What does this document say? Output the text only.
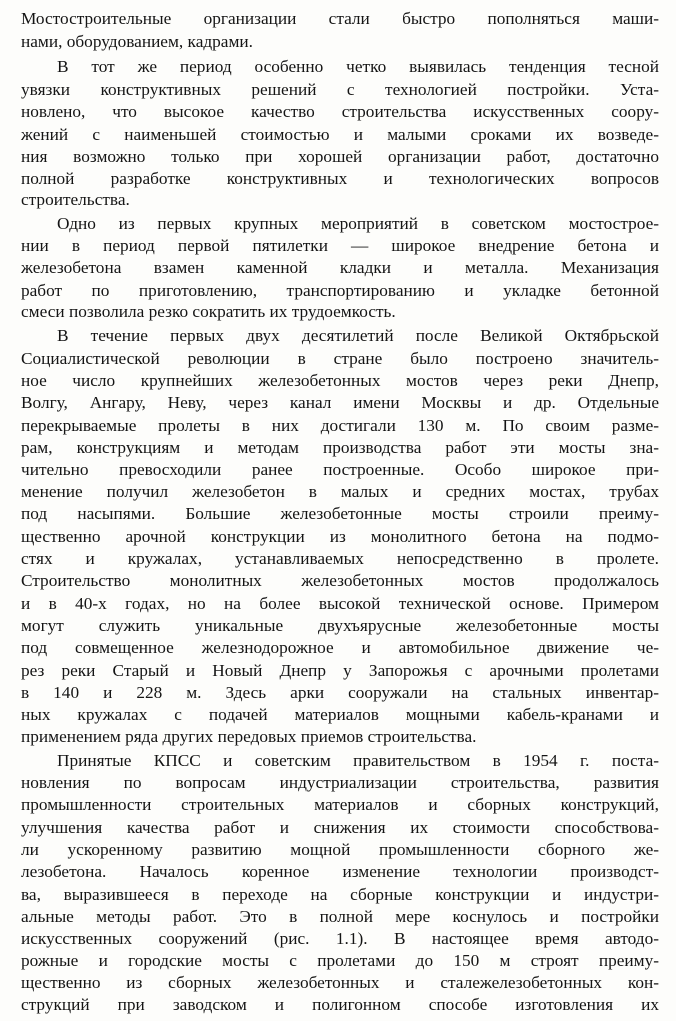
Мостостроительные организации стали быстро пополняться маши-

нами, оборудованием, кадрами.

В тот же период особенно четко выявилась тенденция тесной

увязки конструктивных решений с технологией постройки. Уста-

новлено, что высокое качество строительства искусственных соору-

жений с наименьшей стоимостью и малыми сроками их возведе-

ния возможно только при хорошей организации работ, достаточно

полной разработке конструктивных и технологических вопросов

строительства.

Одно из первых крупных мероприятий в советском мостострое-

нии в период первой пятилетки — широкое внедрение бетона и

железобетона взамен каменной кладки и металла. Механизация

работ по приготовлению, транспортированию и укладке бетонной

смеси позволила резко сократить их трудоемкость.

В течение первых двух десятилетий после Великой Октябрьской

Социалистической революции в стране было построено значитель-

ное число крупнейших железобетонных мостов через реки Днепр,

Волгу, Ангару, Неву, через канал имени Москвы и др. Отдельные

перекрываемые пролеты в них достигали 130 м. По своим разме-

рам, конструкциям и методам производства работ эти мосты зна-

чительно превосходили ранее построенные. Особо широкое при-

менение получил железобетон в малых и средних мостах, трубах

под насыпями. Большие железобетонные мосты строили преиму-

щественно арочной конструкции из монолитного бетона на подмо-

стях и кружалах, устанавливаемых непосредственно в пролете.

Строительство монолитных железобетонных мостов продолжалось

и в 40-х годах, но на более высокой технической основе. Примером

могут служить уникальные двухъярусные железобетонные мосты

под совмещенное железнодорожное и автомобильное движение че-

рез реки Старый и Новый Днепр у Запорожья с арочными пролетами

в 140 и 228 м. Здесь арки сооружали на стальных инвентар-

ных кружалах с подачей материалов мощными кабель-кранами и

применением ряда других передовых приемов строительства.

Принятые КПСС и советским правительством в 1954 г. поста-

новления по вопросам индустриализации строительства, развития

промышленности строительных материалов и сборных конструкций,

улучшения качества работ и снижения их стоимости способствова-

ли ускоренному развитию мощной промышленности сборного же-

лезобетона. Началось коренное изменение технологии производст-

ва, выразившееся в переходе на сборные конструкции и индустри-

альные методы работ. Это в полной мере коснулось и постройки

искусственных сооружений (рис. 1.1). В настоящее время автодо-

рожные и городские мосты с пролетами до 150 м строят преиму-

щественно из сборных железобетонных и сталежелезобетонных кон-

струкций при заводском и полигонном способе изготовления их
